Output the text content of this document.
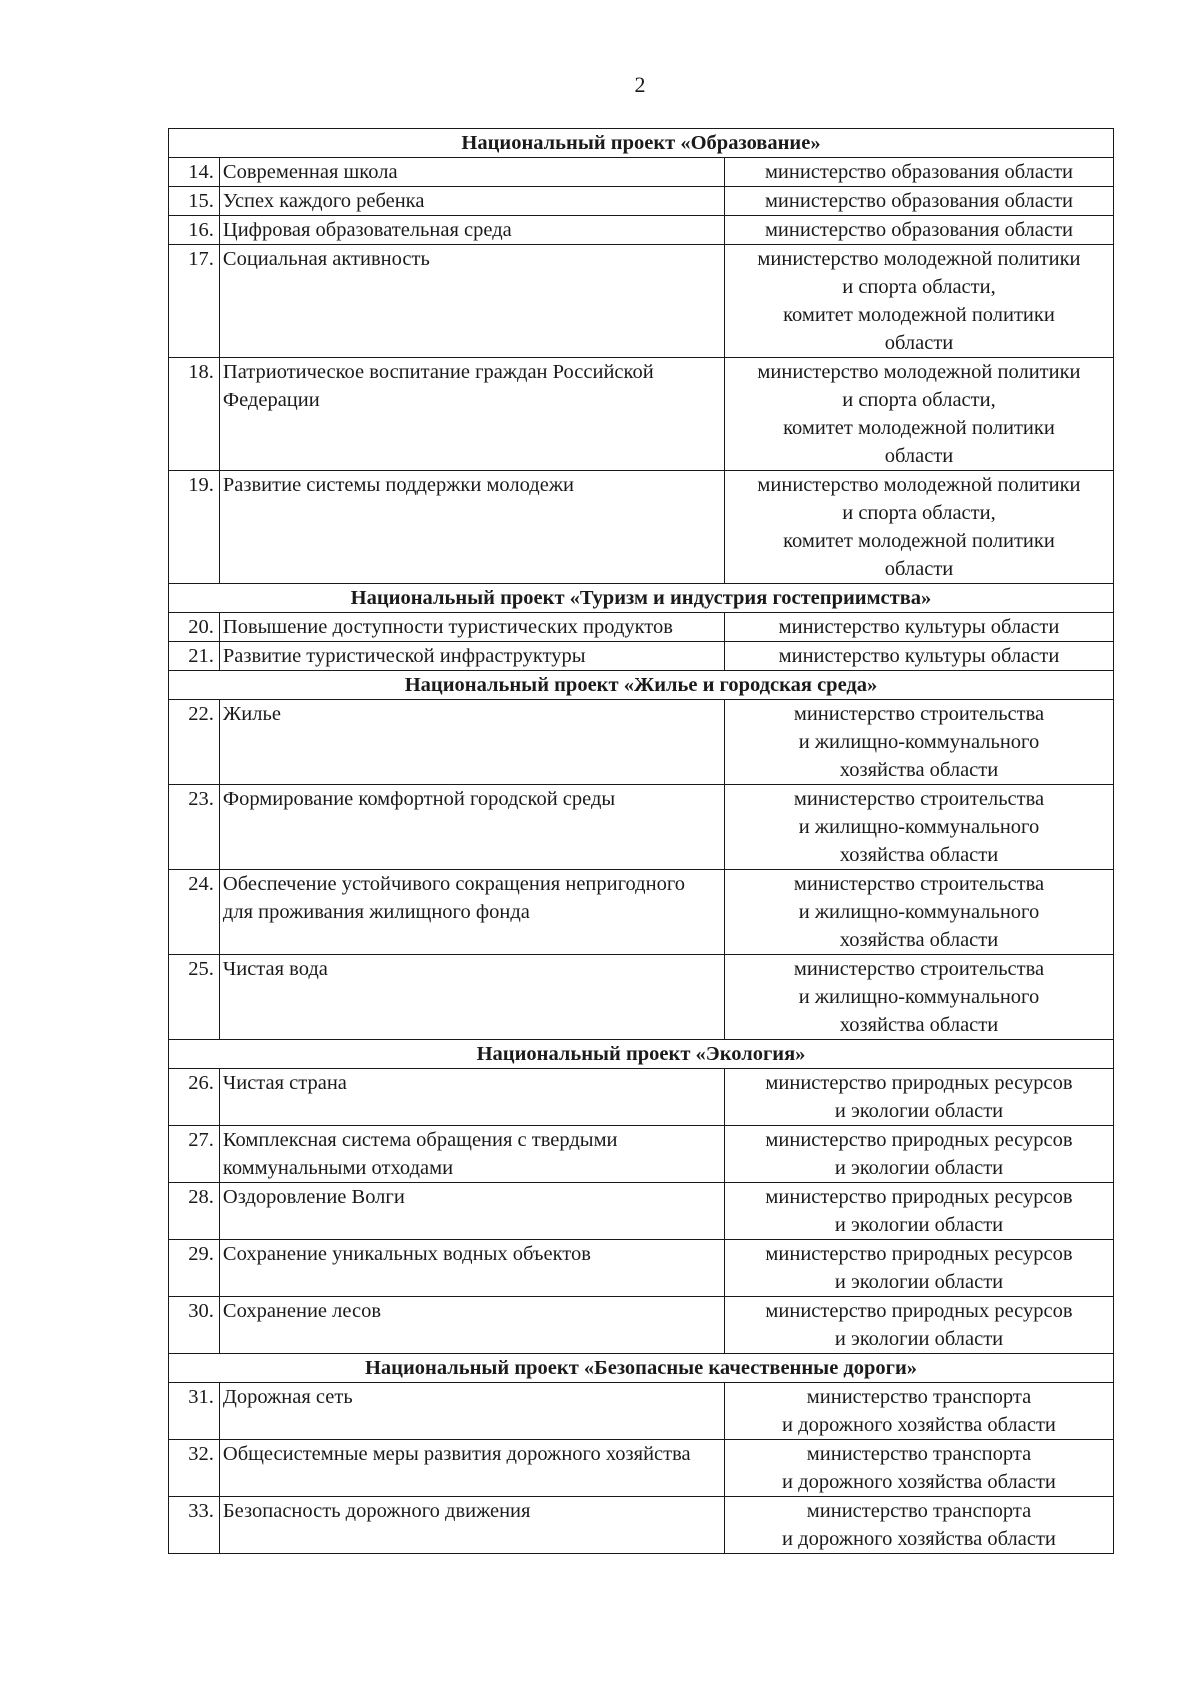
2
Национальный проект «Образование»		
14.	Современная школа	министерство образования области

15.	Успех каждого ребенка	министерство образования области

16.	Цифровая образовательная среда	министерство образования области

17.	Социальная активность	министерство молодежной политики
и спорта области,
комитет молодежной политики
области

18.	Патриотическое воспитание граждан Российской Федерации	министерство молодежной политики
и спорта области,
комитет молодежной политики
области

19.	Развитие системы поддержки молодежи	министерство молодежной политики
и спорта области,
комитет молодежной политики
области

Национальный проект «Туризм и индустрия гостеприимства»		
20.	Повышение доступности туристических продуктов	министерство культуры области

21.	Развитие туристической инфраструктуры	министерство культуры области

Национальный проект «Жилье и городская среда»		
22.	Жилье	министерство строительства
и жилищно-коммунального
хозяйства области

23.	Формирование комфортной городской среды	министерство строительства
и жилищно-коммунального
хозяйства области

24.	Обеспечение устойчивого сокращения непригодного для проживания жилищного фонда	министерство строительства
и жилищно-коммунального
хозяйства области

25.	Чистая вода	министерство строительства
и жилищно-коммунального
хозяйства области

Национальный проект «Экология»		
26.	Чистая страна	министерство природных ресурсов
и экологии области

27.	Комплексная система обращения с твердыми коммунальными отходами	министерство природных ресурсов
и экологии области

28.	Оздоровление Волги	министерство природных ресурсов
и экологии области

29.	Сохранение уникальных водных объектов	министерство природных ресурсов
и экологии области

30.	Сохранение лесов	министерство природных ресурсов
и экологии области

Национальный проект «Безопасные качественные дороги»		
31.	Дорожная сеть	министерство транспорта
и дорожного хозяйства области

32.	Общесистемные меры развития дорожного хозяйства	министерство транспорта
и дорожного хозяйства области

33.	Безопасность дорожного движения	министерство транспорта
и дорожного хозяйства области
